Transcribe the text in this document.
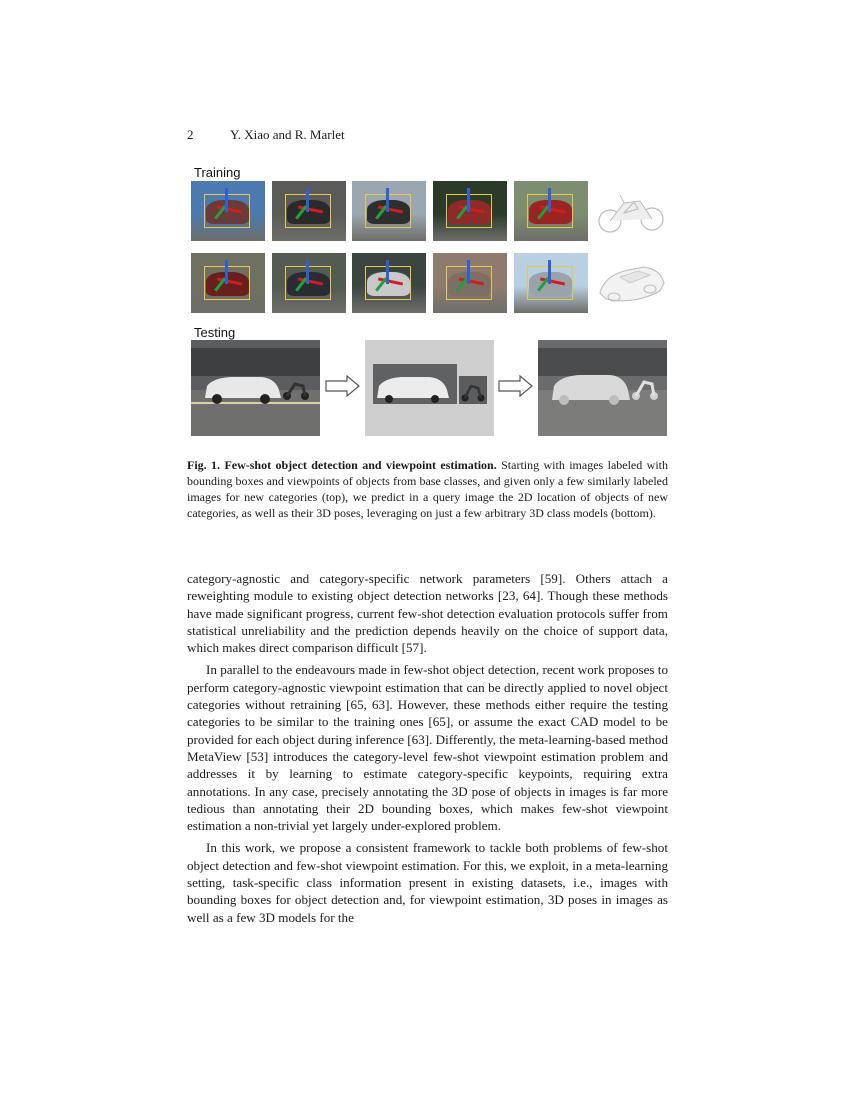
2	Y. Xiao and R. Marlet
Training
Testing
Fig. 1. Few-shot object detection and viewpoint estimation. Starting with images labeled with bounding boxes and viewpoints of objects from base classes, and given only a few similarly labeled images for new categories (top), we predict in a query image the 2D location of objects of new categories, as well as their 3D poses, leveraging on just a few arbitrary 3D class models (bottom).

category-agnostic and category-specific network parameters [59]. Others attach a reweighting module to existing object detection networks [23, 64]. Though these methods have made significant progress, current few-shot detection evaluation protocols suffer from statistical unreliability and the prediction depends heavily on the choice of support data, which makes direct comparison difficult [57].

In parallel to the endeavours made in few-shot object detection, recent work proposes to perform category-agnostic viewpoint estimation that can be directly applied to novel object categories without retraining [65, 63]. However, these methods either require the testing categories to be similar to the training ones [65], or assume the exact CAD model to be provided for each object during inference [63]. Differently, the meta-learning-based method MetaView [53] introduces the category-level few-shot viewpoint estimation problem and addresses it by learning to estimate category-specific keypoints, requiring extra annotations. In any case, precisely annotating the 3D pose of objects in images is far more tedious than annotating their 2D bounding boxes, which makes few-shot viewpoint estimation a non-trivial yet largely under-explored problem.

In this work, we propose a consistent framework to tackle both problems of few-shot object detection and few-shot viewpoint estimation. For this, we exploit, in a meta-learning setting, task-specific class information present in existing datasets, i.e., images with bounding boxes for object detection and, for viewpoint estimation, 3D poses in images as well as a few 3D models for the
